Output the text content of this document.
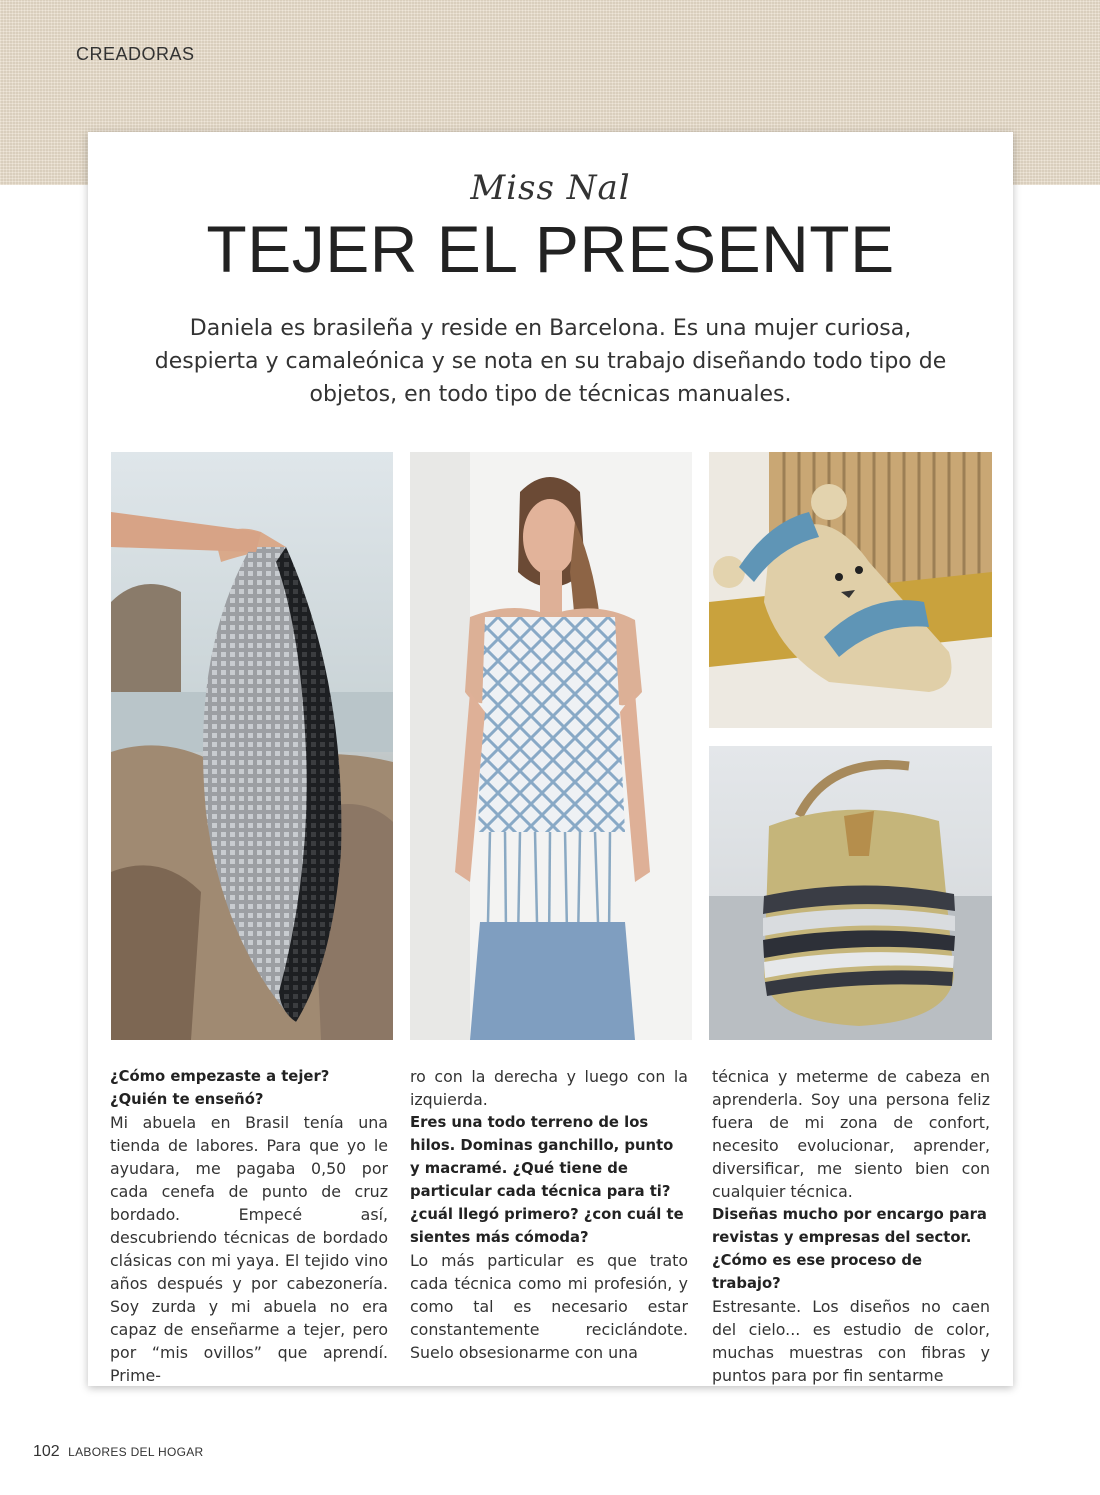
CREADORAS
Miss Nal
TEJER EL PRESENTE
Daniela es brasileña y reside en Barcelona. Es una mujer curiosa, despierta y camaleónica y se nota en su trabajo diseñando todo tipo de objetos, en todo tipo de técnicas manuales.

¿Cómo empezaste a tejer? ¿Quién te enseñó?

Mi abuela en Brasil tenía una tienda de labores. Para que yo le ayudara, me pagaba 0,50 por cada cenefa de punto de cruz bordado. Empecé así, descubriendo técnicas de bordado clásicas con mi yaya. El tejido vino años después y por cabezonería. Soy zurda y mi abuela no era capaz de enseñarme a tejer, pero por “mis ovillos” que aprendí. Prime-

ro con la derecha y luego con la izquierda.

Eres una todo terreno de los hilos. Dominas ganchillo, punto y macramé. ¿Qué tiene de particular cada técnica para ti? ¿cuál llegó primero? ¿con cuál te sientes más cómoda?

Lo más particular es que trato cada técnica como mi profesión, y como tal es necesario estar constantemente reciclándote. Suelo obsesionarme con una

técnica y meterme de cabeza en aprenderla. Soy una persona feliz fuera de mi zona de confort, necesito evolucionar, aprender, diversificar, me siento bien con cualquier técnica.

Diseñas mucho por encargo para revistas y empresas del sector. ¿Cómo es ese proceso de trabajo?

Estresante. Los diseños no caen del cielo... es estudio de color, muchas muestras con fibras y puntos para por fin sentarme

102 LABORES DEL HOGAR
